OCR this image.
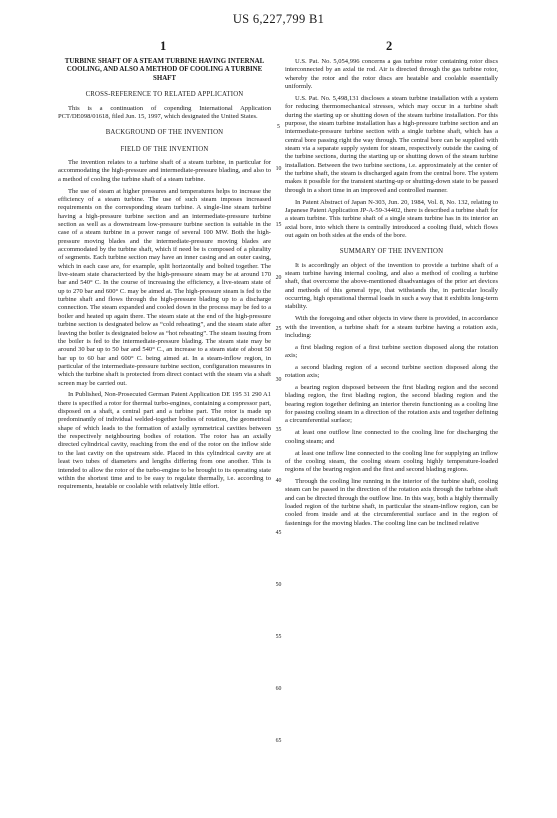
US 6,227,799 B1
1	2
TURBINE SHAFT OF A STEAM TURBINE HAVING INTERNAL COOLING, AND ALSO A METHOD OF COOLING A TURBINE SHAFT
CROSS-REFERENCE TO RELATED APPLICATION

This is a continuation of copending International Application PCT/DE098/01618, filed Jun. 15, 1997, which designated the United States.

BACKGROUND OF THE INVENTION
FIELD OF THE INVENTION

The invention relates to a turbine shaft of a steam turbine, in particular for accommodating the high-pressure and intermediate-pressure blading, and also to a method of cooling the turbine shaft of a steam turbine.

The use of steam at higher pressures and temperatures helps to increase the efficiency of a steam turbine. The use of such steam imposes increased requirements on the corresponding steam turbine. A single-line steam turbine having a high-pressure turbine section and an intermediate-pressure turbine section as well as a downstream low-pressure turbine section is suitable in the case of a steam turbine in a power range of several 100 MW. Both the high-pressure moving blades and the intermediate-pressure moving blades are accommodated by the turbine shaft, which if need be is composed of a plurality of segments. Each turbine section may have an inner casing and an outer casing, which in each case are, for example, split horizontally and bolted together. The live-steam state characterized by the high-pressure steam may be at around 170 bar and 540° C. In the course of increasing the efficiency, a live-steam state of up to 270 bar and 600° C. may be aimed at. The high-pressure steam is fed to the turbine shaft and flows through the high-pressure blading up to a discharge connection. The steam expanded and cooled down in the process may be fed to a boiler and heated up again there. The steam state at the end of the high-pressure turbine section is designated below as “cold reheating”, and the steam state after leaving the boiler is designated below as “hot reheating”. The steam issuing from the boiler is fed to the intermediate-pressure blading. The steam state may be around 30 bar up to 50 bar and 540° C., an increase to a steam state of about 50 bar up to 60 bar and 600° C. being aimed at. In a steam-inflow region, in particular of the intermediate-pressure turbine section, configuration measures in which the turbine shaft is protected from direct contact with the steam via a shaft screen may be carried out.

In Published, Non-Prosecuted German Patent Application DE 195 31 290 A1 there is specified a rotor for thermal turbo-engines, containing a compressor part, disposed on a shaft, a central part and a turbine part. The rotor is made up predominantly of individual welded-together bodies of rotation, the geometrical shape of which leads to the formation of axially symmetrical cavities between the respectively neighbouring bodies of rotation. The rotor has an axially directed cylindrical cavity, reaching from the end of the rotor on the inflow side to the last cavity on the upstream side. Placed in this cylindrical cavity are at least two tubes of diameters and lengths differing from one another. This is intended to allow the rotor of the turbo-engine to be brought to its operating state within the shortest time and to be easy to regulate thermally, i.e. according to requirements, heatable or coolable with relatively little effort.

U.S. Pat. No. 5,054,996 concerns a gas turbine rotor containing rotor discs interconnected by an axial tie rod. Air is directed through the gas turbine rotor, whereby the rotor and the rotor discs are heatable and coolable essentially uniformly.

U.S. Pat. No. 5,498,131 discloses a steam turbine installation with a system for reducing thermomechanical stresses, which may occur in a turbine shaft during the starting up or shutting down of the steam turbine installation. For this purpose, the steam turbine installation has a high-pressure turbine section and an intermediate-pressure turbine section with a single turbine shaft, which has a central bore passing right the way through. The central bore can be supplied with steam via a separate supply system for steam, respectively outside the casing of the turbine sections, during the starting up or shutting down of the steam turbine installation. Between the two turbine sections, i.e. approximately at the center of the turbine shaft, the steam is discharged again from the central bore. The system makes it possible for the transient starting-up or shutting-down state to be passed through in a short time in an improved and controlled manner.

In Patent Abstract of Japan N-303, Jun. 20, 1984, Vol. 8, No. 132, relating to Japanese Patent Application JP-A-59-34402, there is described a turbine shaft for a steam turbine. This turbine shaft of a single steam turbine has in its interior an axial bore, into which there is centrally introduced a cooling fluid, which flows out again on both sides at the ends of the bore.

SUMMARY OF THE INVENTION

It is accordingly an object of the invention to provide a turbine shaft of a steam turbine having internal cooling, and also a method of cooling a turbine shaft, that overcome the above-mentioned disadvantages of the prior art devices and methods of this general type, that withstands the, in particular locally occurring, high operational thermal loads in such a way that it exhibits long-term stability.

With the foregoing and other objects in view there is provided, in accordance with the invention, a turbine shaft for a steam turbine having a rotation axis, including:

a first blading region of a first turbine section disposed along the rotation axis;

a second blading region of a second turbine section disposed along the rotation axis;

a bearing region disposed between the first blading region and the second blading region, the first blading region, the second blading region and the bearing region together defining an interior therein functioning as a cooling line for passing cooling steam in a direction of the rotation axis and together defining a circumferential surface;

at least one outflow line connected to the cooling line for discharging the cooling steam; and

at least one inflow line connected to the cooling line for supplying an inflow of the cooling steam, the cooling steam cooling highly temperature-loaded regions of the bearing region and the first and second blading regions.

Through the cooling line running in the interior of the turbine shaft, cooling steam can be passed in the direction of the rotation axis through the turbine shaft and can be directed through the outflow line. In this way, both a highly thermally loaded region of the turbine shaft, in particular the steam-inflow region, can be cooled from inside and at the circumferential surface and in the region of fastenings for the moving blades. The cooling line can be inclined relative

5
10
15
20
25
30
35
40
45
50
55
60
65
